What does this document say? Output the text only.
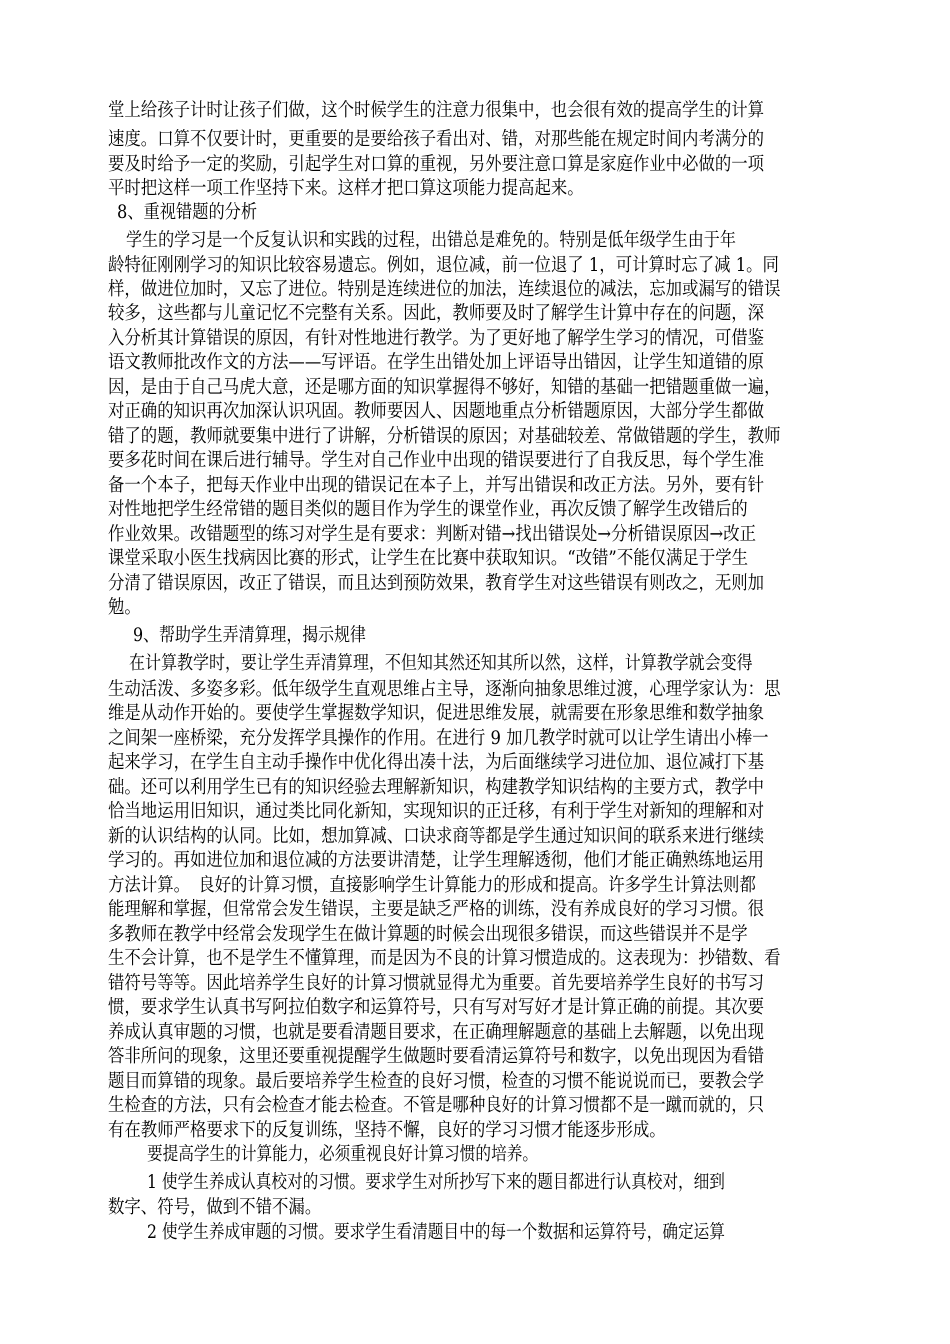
堂上给孩子计时让孩子们做，这个时候学生的注意力很集中，也会很有效的提高学生的计算
速度。口算不仅要计时，更重要的是要给孩子看出对、错，对那些能在规定时间内考满分的
要及时给予一定的奖励，引起学生对口算的重视，另外要注意口算是家庭作业中必做的一项
平时把这样一项工作坚持下来。这样才把口算这项能力提高起来。
8、重视错题的分析
学生的学习是一个反复认识和实践的过程，出错总是难免的。特别是低年级学生由于年
龄特征刚刚学习的知识比较容易遗忘。例如，退位减，前一位退了 1，可计算时忘了减 1。同
样，做进位加时，又忘了进位。特别是连续进位的加法，连续退位的减法，忘加或漏写的错误
较多，这些都与儿童记忆不完整有关系。因此，教师要及时了解学生计算中存在的问题，深
入分析其计算错误的原因，有针对性地进行教学。为了更好地了解学生学习的情况，可借鉴
语文教师批改作文的方法——写评语。在学生出错处加上评语导出错因，让学生知道错的原
因，是由于自己马虎大意，还是哪方面的知识掌握得不够好，知错的基础一把错题重做一遍，
对正确的知识再次加深认识巩固。教师要因人、因题地重点分析错题原因，大部分学生都做
错了的题，教师就要集中进行了讲解，分析错误的原因；对基础较差、常做错题的学生，教师
要多花时间在课后进行辅导。学生对自己作业中出现的错误要进行了自我反思，每个学生准
备一个本子，把每天作业中出现的错误记在本子上，并写出错误和改正方法。另外，要有针
对性地把学生经常错的题目类似的题目作为学生的课堂作业，再次反馈了解学生改错后的
作业效果。改错题型的练习对学生是有要求：判断对错→找出错误处→分析错误原因→改正
课堂采取小医生找病因比赛的形式，让学生在比赛中获取知识。“改错”不能仅满足于学生
分清了错误原因，改正了错误，而且达到预防效果，教育学生对这些错误有则改之，无则加
勉。
9、帮助学生弄清算理，揭示规律
在计算教学时，要让学生弄清算理，不但知其然还知其所以然，这样，计算教学就会变得
生动活泼、多姿多彩。低年级学生直观思维占主导，逐渐向抽象思维过渡，心理学家认为：思
维是从动作开始的。要使学生掌握数学知识，促进思维发展，就需要在形象思维和数学抽象
之间架一座桥梁，充分发挥学具操作的作用。在进行 9 加几教学时就可以让学生请出小棒一
起来学习，在学生自主动手操作中优化得出凑十法，为后面继续学习进位加、退位减打下基
础。还可以利用学生已有的知识经验去理解新知识，构建教学知识结构的主要方式，教学中
恰当地运用旧知识，通过类比同化新知，实现知识的正迁移，有利于学生对新知的理解和对
新的认识结构的认同。比如，想加算减、口诀求商等都是学生通过知识间的联系来进行继续
学习的。再如进位加和退位减的方法要讲清楚，让学生理解透彻，他们才能正确熟练地运用
方法计算。　良好的计算习惯，直接影响学生计算能力的形成和提高。许多学生计算法则都
能理解和掌握，但常常会发生错误，主要是缺乏严格的训练，没有养成良好的学习习惯。很
多教师在教学中经常会发现学生在做计算题的时候会出现很多错误，而这些错误并不是学
生不会计算，也不是学生不懂算理，而是因为不良的计算习惯造成的。这表现为：抄错数、看
错符号等等。因此培养学生良好的计算习惯就显得尤为重要。首先要培养学生良好的书写习
惯，要求学生认真书写阿拉伯数字和运算符号，只有写对写好才是计算正确的前提。其次要
养成认真审题的习惯，也就是要看清题目要求，在正确理解题意的基础上去解题，以免出现
答非所问的现象，这里还要重视提醒学生做题时要看清运算符号和数字，以免出现因为看错
题目而算错的现象。最后要培养学生检查的良好习惯，检查的习惯不能说说而已，要教会学
生检查的方法，只有会检查才能去检查。不管是哪种良好的计算习惯都不是一蹴而就的，只
有在教师严格要求下的反复训练，坚持不懈，良好的学习习惯才能逐步形成。
要提高学生的计算能力，必须重视良好计算习惯的培养。
1 使学生养成认真校对的习惯。要求学生对所抄写下来的题目都进行认真校对，细到
数字、符号，做到不错不漏。
2 使学生养成审题的习惯。要求学生看清题目中的每一个数据和运算符号，确定运算
